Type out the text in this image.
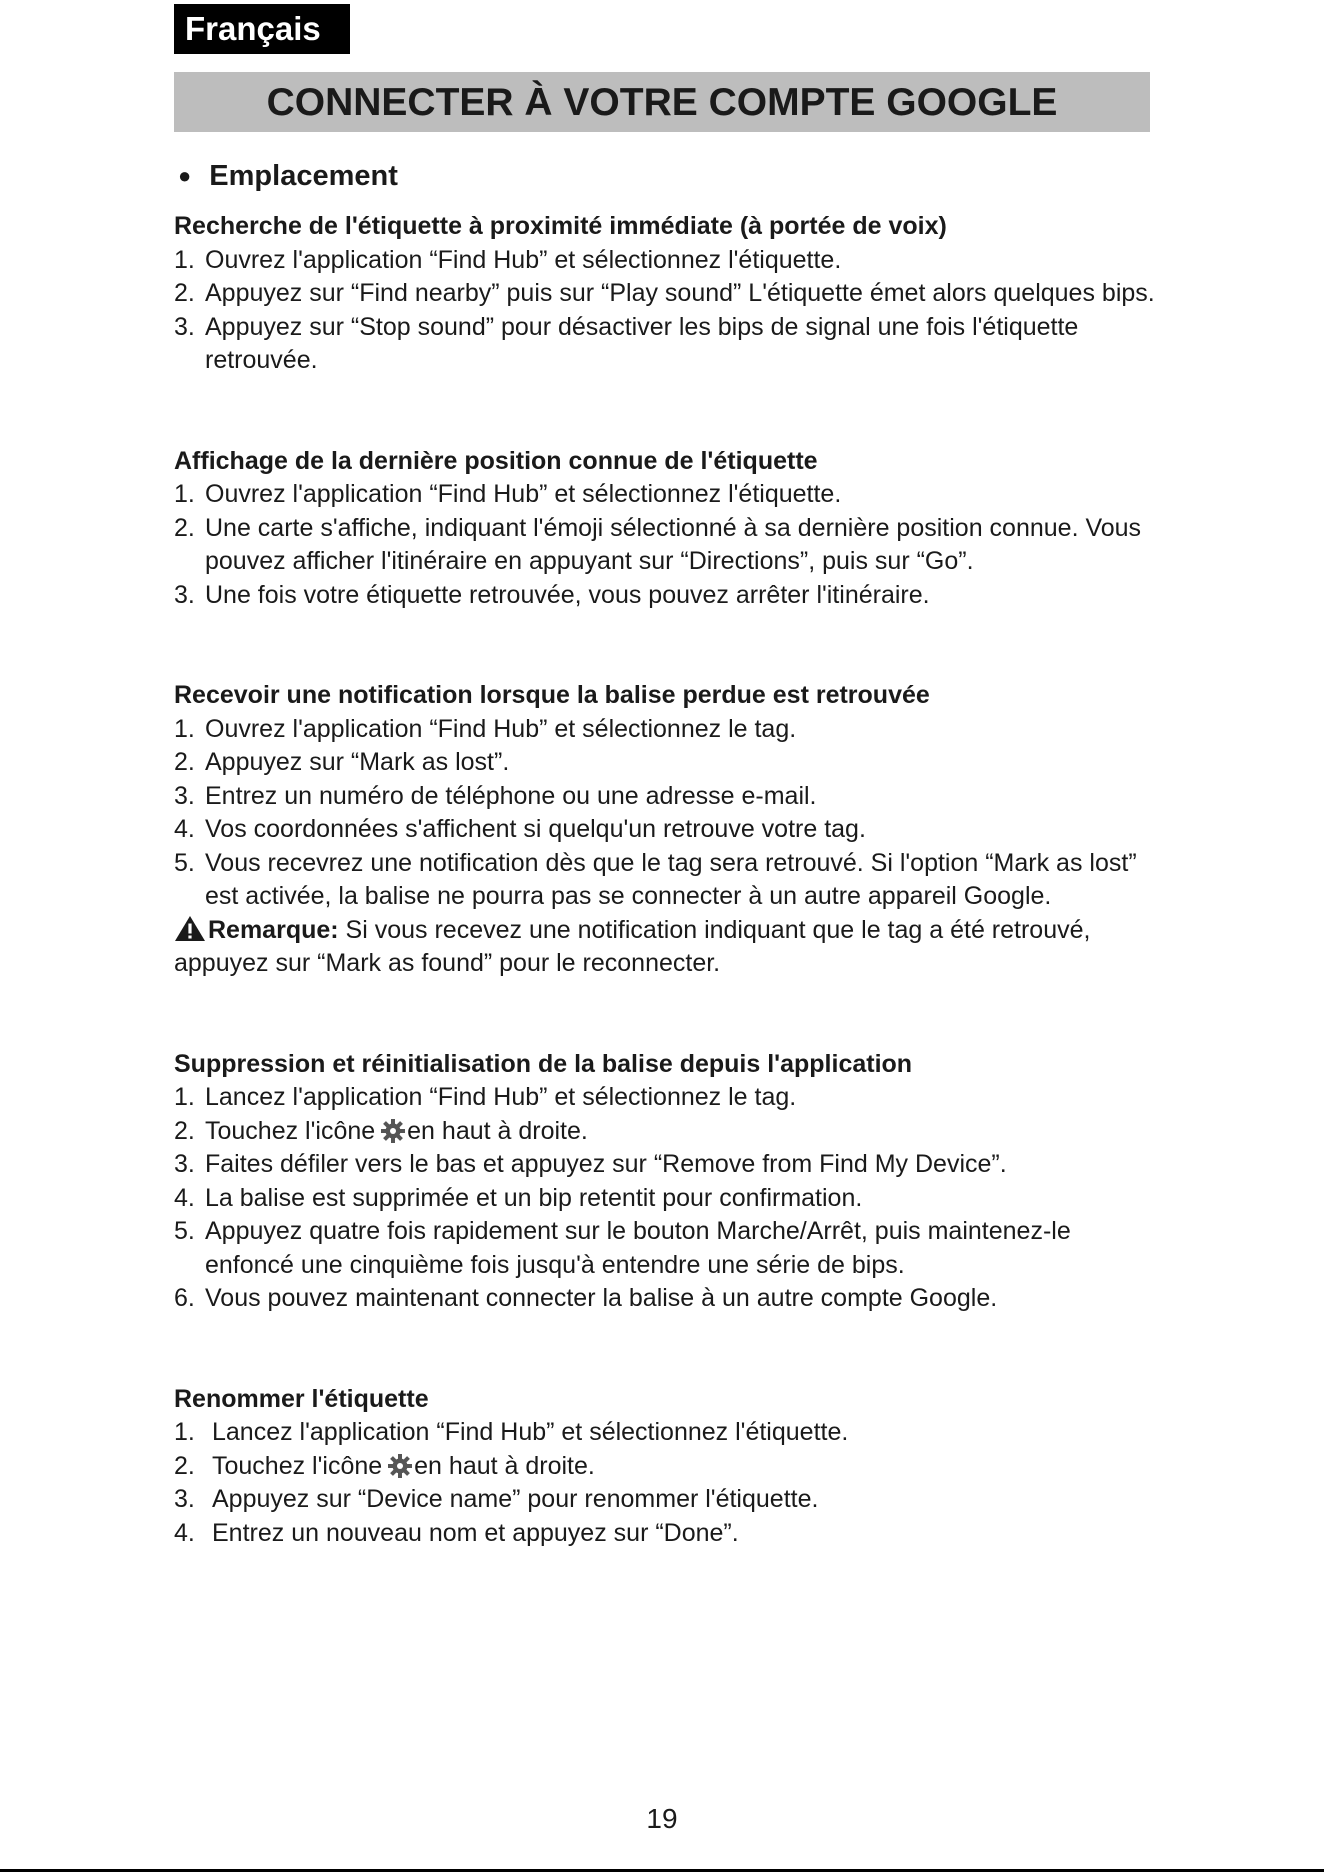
Français
CONNECTER À VOTRE COMPTE GOOGLE
● Emplacement

Recherche de l'étiquette à proximité immédiate (à portée de voix)

1. Ouvrez l'application “Find Hub” et sélectionnez l'étiquette.
2. Appuyez sur “Find nearby” puis sur “Play sound” L'étiquette émet alors quelques bips.
3. Appuyez sur “Stop sound” pour désactiver les bips de signal une fois l'étiquette retrouvée.

Affichage de la dernière position connue de l'étiquette

1. Ouvrez l'application “Find Hub” et sélectionnez l'étiquette.
2. Une carte s'affiche, indiquant l'émoji sélectionné à sa dernière position connue. Vous pouvez afficher l'itinéraire en appuyant sur “Directions”, puis sur “Go”.
3. Une fois votre étiquette retrouvée, vous pouvez arrêter l'itinéraire.

Recevoir une notification lorsque la balise perdue est retrouvée

1. Ouvrez l'application “Find Hub” et sélectionnez le tag.
2. Appuyez sur “Mark as lost”.
3. Entrez un numéro de téléphone ou une adresse e-mail.
4. Vos coordonnées s'affichent si quelqu'un retrouve votre tag.
5. Vous recevrez une notification dès que le tag sera retrouvé. Si l'option “Mark as lost” est activée, la balise ne pourra pas se connecter à un autre appareil Google.

Remarque: Si vous recevez une notification indiquant que le tag a été retrouvé, appuyez sur “Mark as found” pour le reconnecter.

Suppression et réinitialisation de la balise depuis l'application

1. Lancez l'application “Find Hub” et sélectionnez le tag.
2. Touchez l'icône en haut à droite.
3. Faites défiler vers le bas et appuyez sur “Remove from Find My Device”.
4. La balise est supprimée et un bip retentit pour confirmation.
5. Appuyez quatre fois rapidement sur le bouton Marche/Arrêt, puis maintenez-le enfoncé une cinquième fois jusqu'à entendre une série de bips.
6. Vous pouvez maintenant connecter la balise à un autre compte Google.

Renommer l'étiquette

1. Lancez l'application “Find Hub” et sélectionnez l'étiquette.
2. Touchez l'icône en haut à droite.
3. Appuyez sur “Device name” pour renommer l'étiquette.
4. Entrez un nouveau nom et appuyez sur “Done”.
19
